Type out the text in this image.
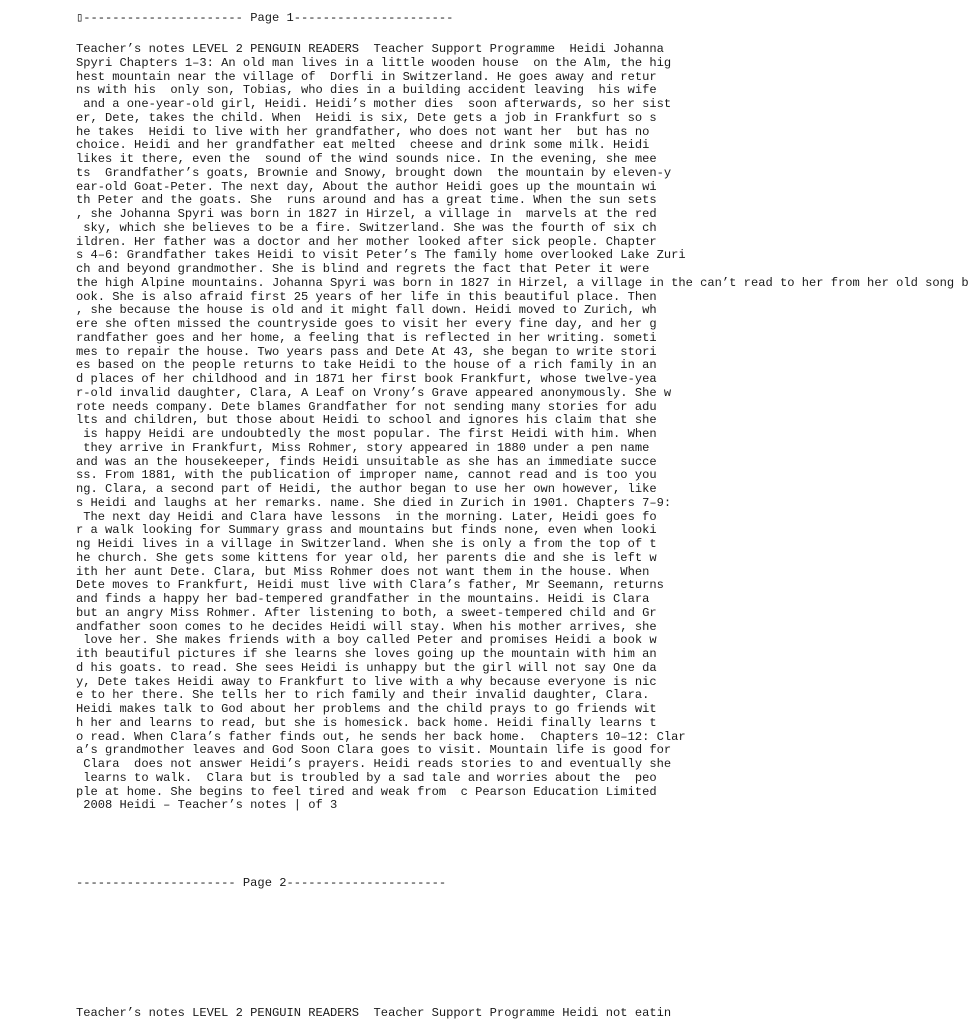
▯---------------------- Page 1----------------------
Teacher’s notes LEVEL 2 PENGUIN READERS  Teacher Support Programme  Heidi Johanna
Spyri Chapters 1–3: An old man lives in a little wooden house  on the Alm, the hig
hest mountain near the village of  Dorfli in Switzerland. He goes away and retur
ns with his  only son, Tobias, who dies in a building accident leaving  his wife
and a one-year-old girl, Heidi. Heidi’s mother dies  soon afterwards, so her sist
er, Dete, takes the child. When  Heidi is six, Dete gets a job in Frankfurt so s
he takes  Heidi to live with her grandfather, who does not want her  but has no
choice. Heidi and her grandfather eat melted  cheese and drink some milk. Heidi
likes it there, even the  sound of the wind sounds nice. In the evening, she mee
ts  Grandfather’s goats, Brownie and Snowy, brought down  the mountain by eleven-y
ear-old Goat-Peter. The next day, About the author Heidi goes up the mountain wi
th Peter and the goats. She  runs around and has a great time. When the sun sets
, she Johanna Spyri was born in 1827 in Hirzel, a village in  marvels at the red
sky, which she believes to be a fire. Switzerland. She was the fourth of six ch
ildren. Her father was a doctor and her mother looked after sick people. Chapter
s 4–6: Grandfather takes Heidi to visit Peter’s The family home overlooked Lake Zuri
ch and beyond grandmother. She is blind and regrets the fact that Peter it were
the high Alpine mountains. Johanna Spyri was born in 1827 in Hirzel, a village in the can’t read to her from her old song b
ook. She is also afraid first 25 years of her life in this beautiful place. Then
, she because the house is old and it might fall down. Heidi moved to Zurich, wh
ere she often missed the countryside goes to visit her every fine day, and her g
randfather goes and her home, a feeling that is reflected in her writing. someti
mes to repair the house. Two years pass and Dete At 43, she began to write stori
es based on the people returns to take Heidi to the house of a rich family in an
d places of her childhood and in 1871 her first book Frankfurt, whose twelve-yea
r-old invalid daughter, Clara, A Leaf on Vrony’s Grave appeared anonymously. She w
rote needs company. Dete blames Grandfather for not sending many stories for adu
lts and children, but those about Heidi to school and ignores his claim that she
is happy Heidi are undoubtedly the most popular. The first Heidi with him. When
they arrive in Frankfurt, Miss Rohmer, story appeared in 1880 under a pen name
and was an the housekeeper, finds Heidi unsuitable as she has an immediate succe
ss. From 1881, with the publication of improper name, cannot read and is too you
ng. Clara, a second part of Heidi, the author began to use her own however, like
s Heidi and laughs at her remarks. name. She died in Zurich in 1901. Chapters 7–9:
The next day Heidi and Clara have lessons  in the morning. Later, Heidi goes fo
r a walk looking for Summary grass and mountains but finds none, even when looki
ng Heidi lives in a village in Switzerland. When she is only a from the top of t
he church. She gets some kittens for year old, her parents die and she is left w
ith her aunt Dete. Clara, but Miss Rohmer does not want them in the house. When
Dete moves to Frankfurt, Heidi must live with Clara’s father, Mr Seemann, returns
and finds a happy her bad-tempered grandfather in the mountains. Heidi is Clara
but an angry Miss Rohmer. After listening to both, a sweet-tempered child and Gr
andfather soon comes to he decides Heidi will stay. When his mother arrives, she
love her. She makes friends with a boy called Peter and promises Heidi a book w
ith beautiful pictures if she learns she loves going up the mountain with him an
d his goats. to read. She sees Heidi is unhappy but the girl will not say One da
y, Dete takes Heidi away to Frankfurt to live with a why because everyone is nic
e to her there. She tells her to rich family and their invalid daughter, Clara.
Heidi makes talk to God about her problems and the child prays to go friends wit
h her and learns to read, but she is homesick. back home. Heidi finally learns t
o read. When Clara’s father finds out, he sends her back home.  Chapters 10–12: Clar
a’s grandmother leaves and God Soon Clara goes to visit. Mountain life is good for
Clara  does not answer Heidi’s prayers. Heidi reads stories to and eventually she
learns to walk.  Clara but is troubled by a sad tale and worries about the  peo
ple at home. She begins to feel tired and weak from  c Pearson Education Limited
2008 Heidi – Teacher’s notes | of 3
---------------------- Page 2----------------------
Teacher’s notes LEVEL 2 PENGUIN READERS  Teacher Support Programme Heidi not eatin
